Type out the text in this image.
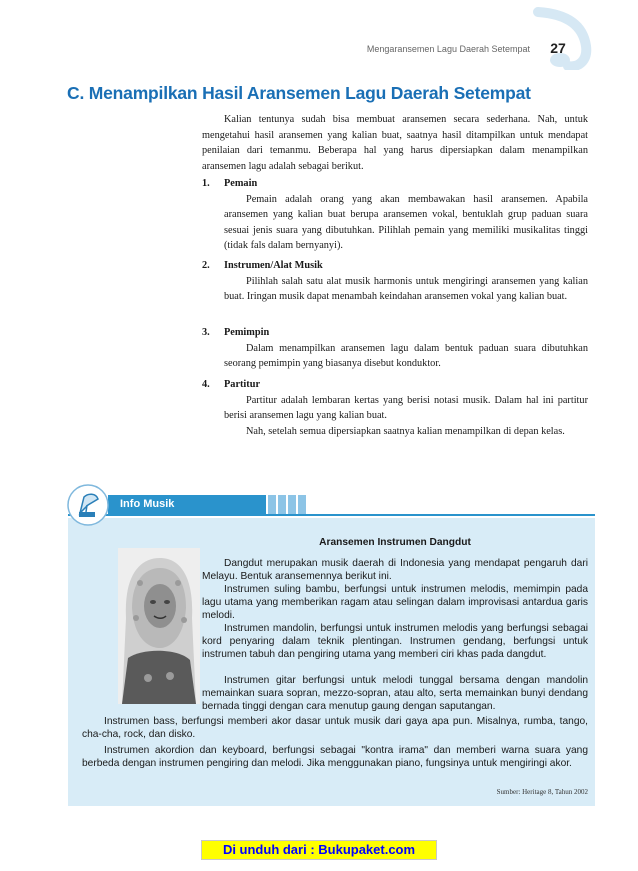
Mengaransemen Lagu Daerah Setempat	27
C. Menampilkan Hasil Aransemen Lagu Daerah Setempat

Kalian tentunya sudah bisa membuat aransemen secara sederhana. Nah, untuk mengetahui hasil aransemen yang kalian buat, saatnya hasil ditampilkan untuk mendapat penilaian dari temanmu. Beberapa hal yang harus dipersiapkan dalam menampilkan aransemen lagu adalah sebagai berikut.

1. Pemain

Pemain adalah orang yang akan membawakan hasil aransemen. Apabila aransemen yang kalian buat berupa aransemen vokal, bentuklah grup paduan suara sesuai jenis suara yang dibutuhkan. Pilihlah pemain yang memiliki musikalitas tinggi (tidak fals dalam bernyanyi).

2. Instrumen/Alat Musik

Pilihlah salah satu alat musik harmonis untuk mengiringi aransemen yang kalian buat. Iringan musik dapat menambah keindahan aransemen vokal yang kalian buat.

3. Pemimpin

Dalam menampilkan aransemen lagu dalam bentuk paduan suara dibutuhkan seorang pemimpin yang biasanya disebut konduktor.

4. Partitur

Partitur adalah lembaran kertas yang berisi notasi musik. Dalam hal ini partitur berisi aransemen lagu yang kalian buat.

Nah, setelah semua dipersiapkan saatnya kalian menampilkan di depan kelas.

Info Musik
Aransemen Instrumen Dangdut

Dangdut merupakan musik daerah di Indonesia yang mendapat pengaruh dari Melayu. Bentuk aransemennya berikut ini.

Instrumen suling bambu, berfungsi untuk instrumen melodis, memimpin pada lagu utama yang memberikan ragam atau selingan dalam improvisasi antardua garis melodi.

Instrumen mandolin, berfungsi untuk instrumen melodis yang berfungsi sebagai kord penyaring dalam teknik plentingan. Instrumen gendang, berfungsi untuk instrumen tabuh dan pengiring utama yang memberi ciri khas pada dangdut.

Instrumen gitar berfungsi untuk melodi tunggal bersama dengan mandolin memainkan suara sopran, mezzo-sopran, atau alto, serta memainkan bunyi dendang bernada tinggi dengan cara menutup gaung dengan saputangan.

Instrumen bass, berfungsi memberi akor dasar untuk musik dari gaya apa pun. Misalnya, rumba, tango, cha-cha, rock, dan disko.

Instrumen akordion dan keyboard, berfungsi sebagai "kontra irama" dan memberi warna suara yang berbeda dengan instrumen pengiring dan melodi. Jika menggunakan piano, fungsinya untuk mengiringi akor.

Sumber: Heritage 8, Tahun 2002
Di unduh dari : Bukupaket.com
